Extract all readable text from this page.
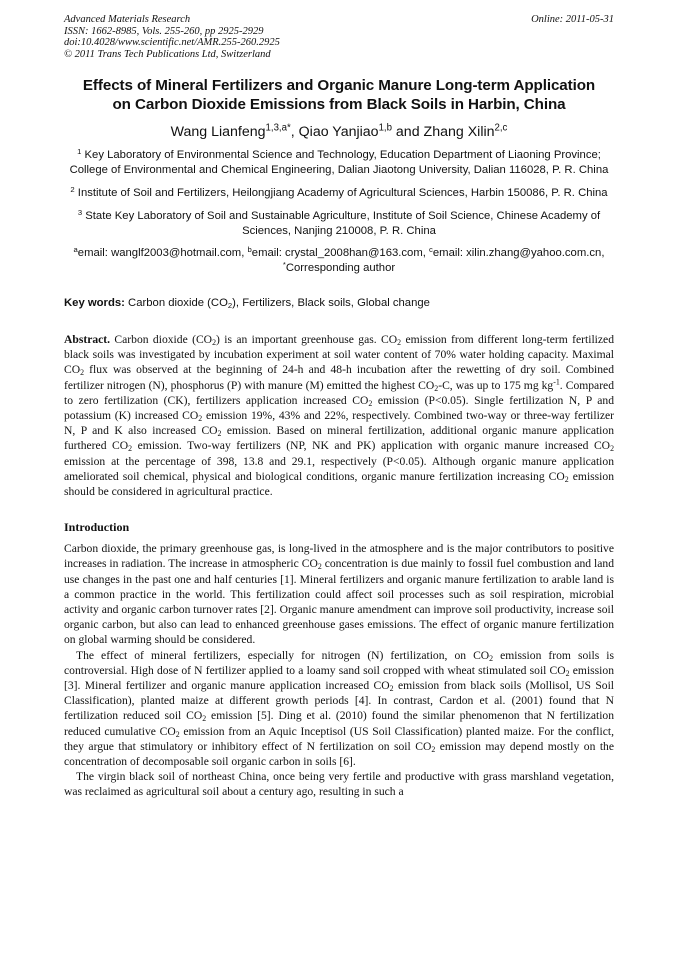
Advanced Materials Research
ISSN: 1662-8985, Vols. 255-260, pp 2925-2929
doi:10.4028/www.scientific.net/AMR.255-260.2925
© 2011 Trans Tech Publications Ltd, Switzerland
Online: 2011-05-31
Effects of Mineral Fertilizers and Organic Manure Long-term Application
on Carbon Dioxide Emissions from Black Soils in Harbin, China
Wang Lianfeng$^{1,3,a*}$, Qiao Yanjiao$^{1,b}$ and Zhang Xilin$^{2,c}$
$^1$ Key Laboratory of Environmental Science and Technology, Education Department of Liaoning Province; College of Environmental and Chemical Engineering, Dalian Jiaotong University, Dalian 116028, P. R. China
$^2$ Institute of Soil and Fertilizers, Heilongjiang Academy of Agricultural Sciences, Harbin 150086, P. R. China
$^3$ State Key Laboratory of Soil and Sustainable Agriculture, Institute of Soil Science, Chinese Academy of Sciences, Nanjing 210008, P. R. China
$^a$email: wanglf2003@hotmail.com, $^b$email: crystal_2008han@163.com, $^c$email: xilin.zhang@yahoo.com.cn, *Corresponding author
Key words: Carbon dioxide $(CO_2)$, Fertilizers, Black soils, Global change
Abstract. Carbon dioxide $(CO_2)$ is an important greenhouse gas. $CO_2$ emission from different long-term fertilized black soils was investigated by incubation experiment at soil water content of 70% water holding capacity. Maximal $CO_2$ flux was observed at the beginning of 24-h and 48-h incubation after the rewetting of dry soil. Combined fertilizer nitrogen (N), phosphorus (P) with manure (M) emitted the highest $CO_2-C$, was up to 175 mg $kg^{-1}$. Compared to zero fertilization (CK), fertilizers application increased $CO_2$ emission (P<0.05). Single fertilization N, P and potassium (K) increased $CO_2$ emission 19%, 43% and 22%, respectively. Combined two-way or three-way fertilizer N, P and K also increased $CO_2$ emission. Based on mineral fertilization, additional organic manure application furthered $CO_2$ emission. Two-way fertilizers (NP, NK and PK) application with organic manure increased $CO_2$ emission at the percentage of 398, 13.8 and 29.1, respectively (P<0.05). Although organic manure application ameliorated soil chemical, physical and biological conditions, organic manure fertilization increasing $CO_2$ emission should be considered in agricultural practice.
Introduction
Carbon dioxide, the primary greenhouse gas, is long-lived in the atmosphere and is the major contributors to positive increases in radiation. The increase in atmospheric $CO_2$ concentration is due mainly to fossil fuel combustion and land use changes in the past one and half centuries [1]. Mineral fertilizers and organic manure fertilization to arable land is a common practice in the world. This fertilization could affect soil processes such as soil respiration, microbial activity and organic carbon turnover rates [2]. Organic manure amendment can improve soil productivity, increase soil organic carbon, but also can lead to enhanced greenhouse gases emissions. The effect of organic manure fertilization on global warming should be considered.
The effect of mineral fertilizers, especially for nitrogen (N) fertilization, on $CO_2$ emission from soils is controversial. High dose of N fertilizer applied to a loamy sand soil cropped with wheat stimulated soil $CO_2$ emission [3]. Mineral fertilizer and organic manure application increased $CO_2$ emission from black soils (Mollisol, US Soil Classification), planted maize at different growth periods [4]. In contrast, Cardon et al. (2001) found that N fertilization reduced soil $CO_2$ emission [5]. Ding et al. (2010) found the similar phenomenon that N fertilization reduced cumulative $CO_2$ emission from an Aquic Inceptisol (US Soil Classification) planted maize. For the conflict, they argue that stimulatory or inhibitory effect of N fertilization on soil $CO_2$ emission may depend mostly on the concentration of decomposable soil organic carbon in soils [6].
The virgin black soil of northeast China, once being very fertile and productive with grass marshland vegetation, was reclaimed as agricultural soil about a century ago, resulting in such a
